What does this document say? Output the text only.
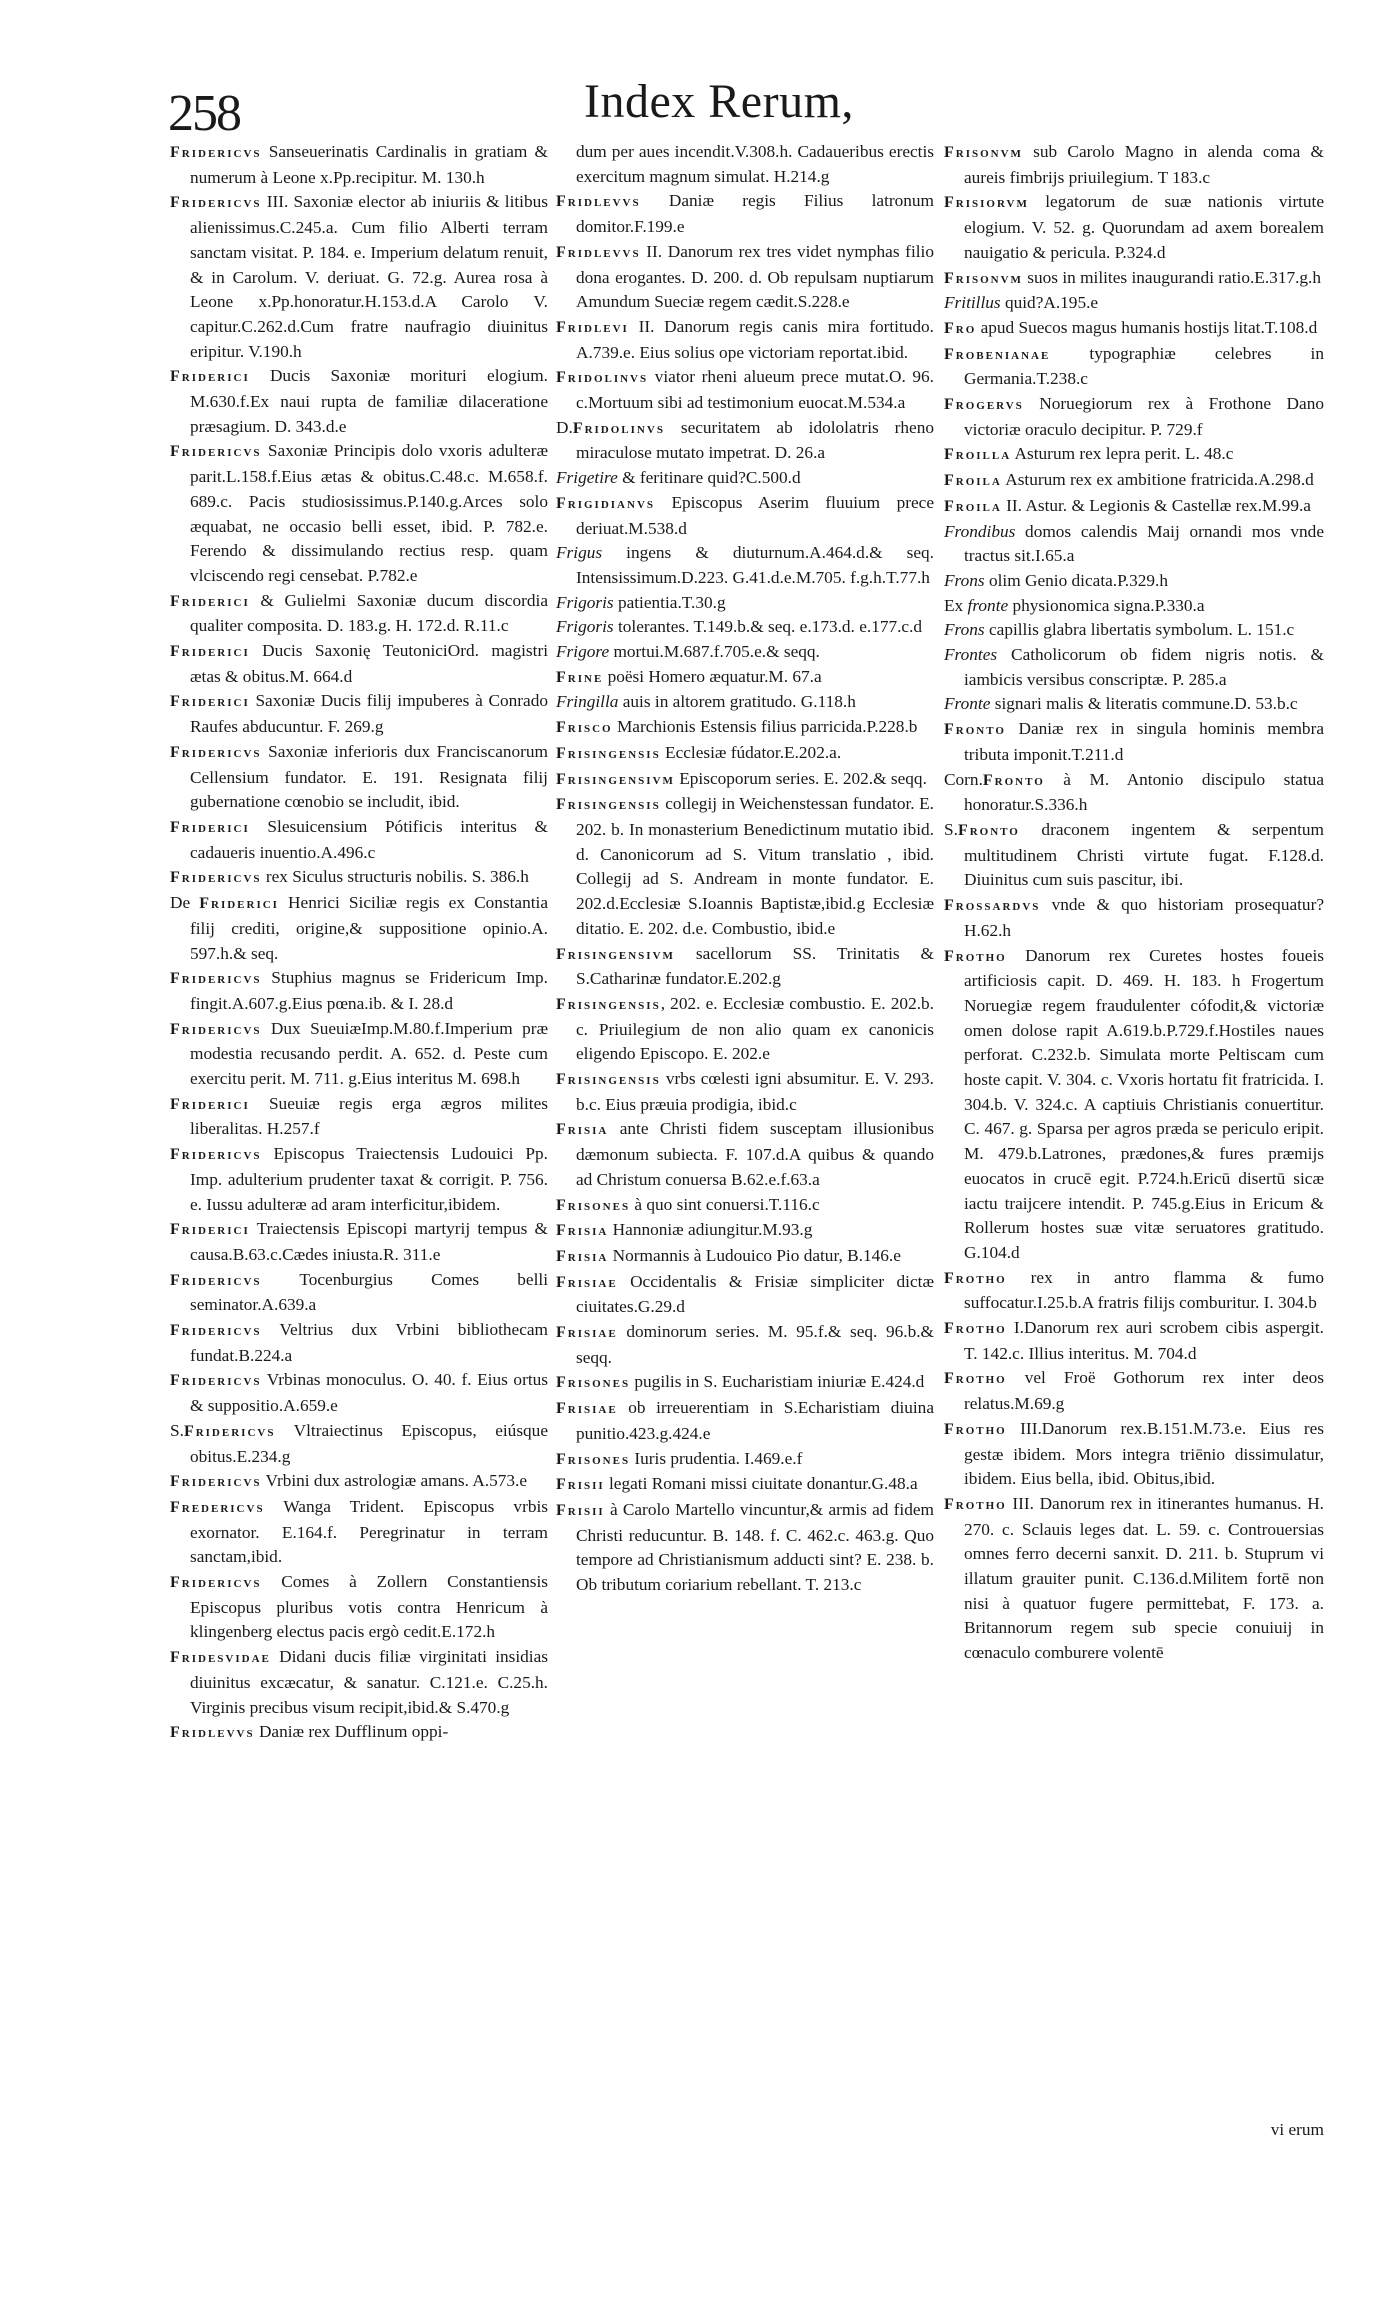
258	Index Rerum,

Fridericvs Sanseuerinatis Cardinalis in gratiam & numerum à Leone x.Pp.recipitur. M. 130.h

Fridericvs III. Saxoniæ elector ab iniuriis & litibus alienissimus.C.245.a. Cum filio Alberti terram sanctam visitat. P. 184. e. Imperium delatum renuit, & in Carolum. V. deriuat. G. 72.g. Aurea rosa à Leone x.Pp.honoratur.H.153.d.A Carolo V. capitur.C.262.d.Cum fratre naufragio diuinitus eripitur. V.190.h

Friderici Ducis Saxoniæ morituri elogium. M.630.f.Ex naui rupta de familiæ dilaceratione præsagium. D. 343.d.e

Fridericvs Saxoniæ Principis dolo vxoris adulteræ parit.L.158.f.Eius ætas & obitus.C.48.c. M.658.f. 689.c. Pacis studiosissimus.P.140.g.Arces solo æquabat, ne occasio belli esset, ibid. P. 782.e. Ferendo & dissimulando rectius resp. quam vlciscendo regi censebat. P.782.e

Friderici & Gulielmi Saxoniæ ducum discordia qualiter composita. D. 183.g. H. 172.d. R.11.c

Friderici Ducis Saxonię TeutoniciOrd. magistri ætas & obitus.M. 664.d

Friderici Saxoniæ Ducis filij impuberes à Conrado Raufes abducuntur. F. 269.g

Fridericvs Saxoniæ inferioris dux Franciscanorum Cellensium fundator. E. 191. Resignata filij gubernatione cœnobio se includit, ibid.

Friderici Slesuicensium Pótificis interitus & cadaueris inuentio.A.496.c

Fridericvs rex Siculus structuris nobilis. S. 386.h

De Friderici Henrici Siciliæ regis ex Constantia filij crediti, origine,& suppositione opinio.A. 597.h.& seq.

Fridericvs Stuphius magnus se Fridericum Imp. fingit.A.607.g.Eius pœna.ib. & I. 28.d

Fridericvs Dux SueuiæImp.M.80.f.Imperium præ modestia recusando perdit. A. 652. d. Peste cum exercitu perit. M. 711. g.Eius interitus M. 698.h

Friderici Sueuiæ regis erga ægros milites liberalitas. H.257.f

Fridericvs Episcopus Traiectensis Ludouici Pp. Imp. adulterium prudenter taxat & corrigit. P. 756. e. Iussu adulteræ ad aram interficitur,ibidem.

Friderici Traiectensis Episcopi martyrij tempus & causa.B.63.c.Cædes iniusta.R. 311.e

Fridericvs Tocenburgius Comes belli seminator.A.639.a

Fridericvs Veltrius dux Vrbini bibliothecam fundat.B.224.a

Fridericvs Vrbinas monoculus. O. 40. f. Eius ortus & suppositio.A.659.e

S.Fridericvs Vltraiectinus Episcopus, eiúsque obitus.E.234.g

Fridericvs Vrbini dux astrologiæ amans. A.573.e

Fredericvs Wanga Trident. Episcopus vrbis exornator. E.164.f. Peregrinatur in terram sanctam,ibid.

Fridericvs Comes à Zollern Constantiensis Episcopus pluribus votis contra Henricum à klingenberg electus pacis ergò cedit.E.172.h

Fridesvidae Didani ducis filiæ virginitati insidias diuinitus excæcatur, & sanatur. C.121.e. C.25.h. Virginis precibus visum recipit,ibid.& S.470.g

Fridlevvs Daniæ rex Dufflinum oppi-

dum per aues incendit.V.308.h. Cadaueribus erectis exercitum magnum simulat. H.214.g

Fridlevvs Daniæ regis Filius latronum domitor.F.199.e

Fridlevvs II. Danorum rex tres videt nymphas filio dona erogantes. D. 200. d. Ob repulsam nuptiarum Amundum Sueciæ regem cædit.S.228.e

Fridlevi II. Danorum regis canis mira fortitudo. A.739.e. Eius solius ope victoriam reportat.ibid.

Fridolinvs viator rheni alueum prece mutat.O. 96. c.Mortuum sibi ad testimonium euocat.M.534.a

D.Fridolinvs securitatem ab idololatris rheno miraculose mutato impetrat. D. 26.a

Frigetire & feritinare quid?C.500.d

Frigidianvs Episcopus Aserim fluuium prece deriuat.M.538.d

Frigus ingens & diuturnum.A.464.d.& seq. Intensissimum.D.223. G.41.d.e.M.705. f.g.h.T.77.h

Frigoris patientia.T.30.g

Frigoris tolerantes. T.149.b.& seq. e.173.d. e.177.c.d

Frigore mortui.M.687.f.705.e.& seqq.

Frine poësi Homero æquatur.M. 67.a

Fringilla auis in altorem gratitudo. G.118.h

Frisco Marchionis Estensis filius parricida.P.228.b

Frisingensis Ecclesiæ fúdator.E.202.a.

Frisingensivm Episcoporum series. E. 202.& seqq.

Frisingensis collegij in Weichenstessan fundator. E. 202. b. In monasterium Benedictinum mutatio ibid. d. Canonicorum ad S. Vitum translatio , ibid. Collegij ad S. Andream in monte fundator. E. 202.d.Ecclesiæ S.Ioannis Baptistæ,ibid.g Ecclesiæ ditatio. E. 202. d.e. Combustio, ibid.e

Frisingensivm sacellorum SS. Trinitatis & S.Catharinæ fundator.E.202.g

Frisingensis, 202. e. Ecclesiæ combustio. E. 202.b. c. Priuilegium de non alio quam ex canonicis eligendo Episcopo. E. 202.e

Frisingensis vrbs cœlesti igni absumitur. E. V. 293. b.c. Eius præuia prodigia, ibid.c

Frisia ante Christi fidem susceptam illusionibus dæmonum subiecta. F. 107.d.A quibus & quando ad Christum conuersa B.62.e.f.63.a

Frisones à quo sint conuersi.T.116.c

Frisia Hannoniæ adiungitur.M.93.g

Frisia Normannis à Ludouico Pio datur, B.146.e

Frisiae Occidentalis & Frisiæ simpliciter dictæ ciuitates.G.29.d

Frisiae dominorum series. M. 95.f.& seq. 96.b.& seqq.

Frisones pugilis in S. Eucharistiam iniuriæ E.424.d

Frisiae ob irreuerentiam in S.Echaristiam diuina punitio.423.g.424.e

Frisones Iuris prudentia. I.469.e.f

Frisii legati Romani missi ciuitate donantur.G.48.a

Frisii à Carolo Martello vincuntur,& armis ad fidem Christi reducuntur. B. 148. f. C. 462.c. 463.g. Quo tempore ad Christianismum adducti sint? E. 238. b. Ob tributum coriarium rebellant. T. 213.c

Frisonvm sub Carolo Magno in alenda coma & aureis fimbrijs priuilegium. T 183.c

Frisiorvm legatorum de suæ nationis virtute elogium. V. 52. g. Quorundam ad axem borealem nauigatio & pericula. P.324.d

Frisonvm suos in milites inaugurandi ratio.E.317.g.h

Fritillus quid?A.195.e

Fro apud Suecos magus humanis hostijs litat.T.108.d

Frobenianae typographiæ celebres in Germania.T.238.c

Frogervs Noruegiorum rex à Frothone Dano victoriæ oraculo decipitur. P. 729.f

Froilla Asturum rex lepra perit. L. 48.c

Froila Asturum rex ex ambitione fratricida.A.298.d

Froila II. Astur. & Legionis & Castellæ rex.M.99.a

Frondibus domos calendis Maij ornandi mos vnde tractus sit.I.65.a

Frons olim Genio dicata.P.329.h

Ex fronte physionomica signa.P.330.a

Frons capillis glabra libertatis symbolum. L. 151.c

Frontes Catholicorum ob fidem nigris notis. & iambicis versibus conscriptæ. P. 285.a

Fronte signari malis & literatis commune.D. 53.b.c

Fronto Daniæ rex in singula hominis membra tributa imponit.T.211.d

Corn.Fronto à M. Antonio discipulo statua honoratur.S.336.h

S.Fronto draconem ingentem & serpentum multitudinem Christi virtute fugat. F.128.d. Diuinitus cum suis pascitur, ibi.

Frossardvs vnde & quo historiam prosequatur?H.62.h

Frotho Danorum rex Curetes hostes foueis artificiosis capit. D. 469. H. 183. h Frogertum Noruegiæ regem fraudulenter cófodit,& victoriæ omen dolose rapit A.619.b.P.729.f.Hostiles naues perforat. C.232.b. Simulata morte Peltiscam cum hoste capit. V. 304. c. Vxoris hortatu fit fratricida. I. 304.b. V. 324.c. A captiuis Christianis conuertitur. C. 467. g. Sparsa per agros præda se periculo eripit. M. 479.b.Latrones, prædones,& fures præmijs euocatos in crucē egit. P.724.h.Ericū disertū sicæ iactu traijcere intendit. P. 745.g.Eius in Ericum & Rollerum hostes suæ vitæ seruatores gratitudo. G.104.d

Frotho rex in antro flamma & fumo suffocatur.I.25.b.A fratris filijs comburitur. I. 304.b

Frotho I.Danorum rex auri scrobem cibis aspergit. T. 142.c. Illius interitus. M. 704.d

Frotho vel Froë Gothorum rex inter deos relatus.M.69.g

Frotho III.Danorum rex.B.151.M.73.e. Eius res gestæ ibidem. Mors integra triēnio dissimulatur, ibidem. Eius bella, ibid. Obitus,ibid.

Frotho III. Danorum rex in itinerantes humanus. H. 270. c. Sclauis leges dat. L. 59. c. Controuersias omnes ferro decerni sanxit. D. 211. b. Stuprum vi illatum grauiter punit. C.136.d.Militem fortē non nisi à quatuor fugere permittebat, F. 173. a. Britannorum regem sub specie conuiuij in cœnaculo comburere volentē

vi erum
